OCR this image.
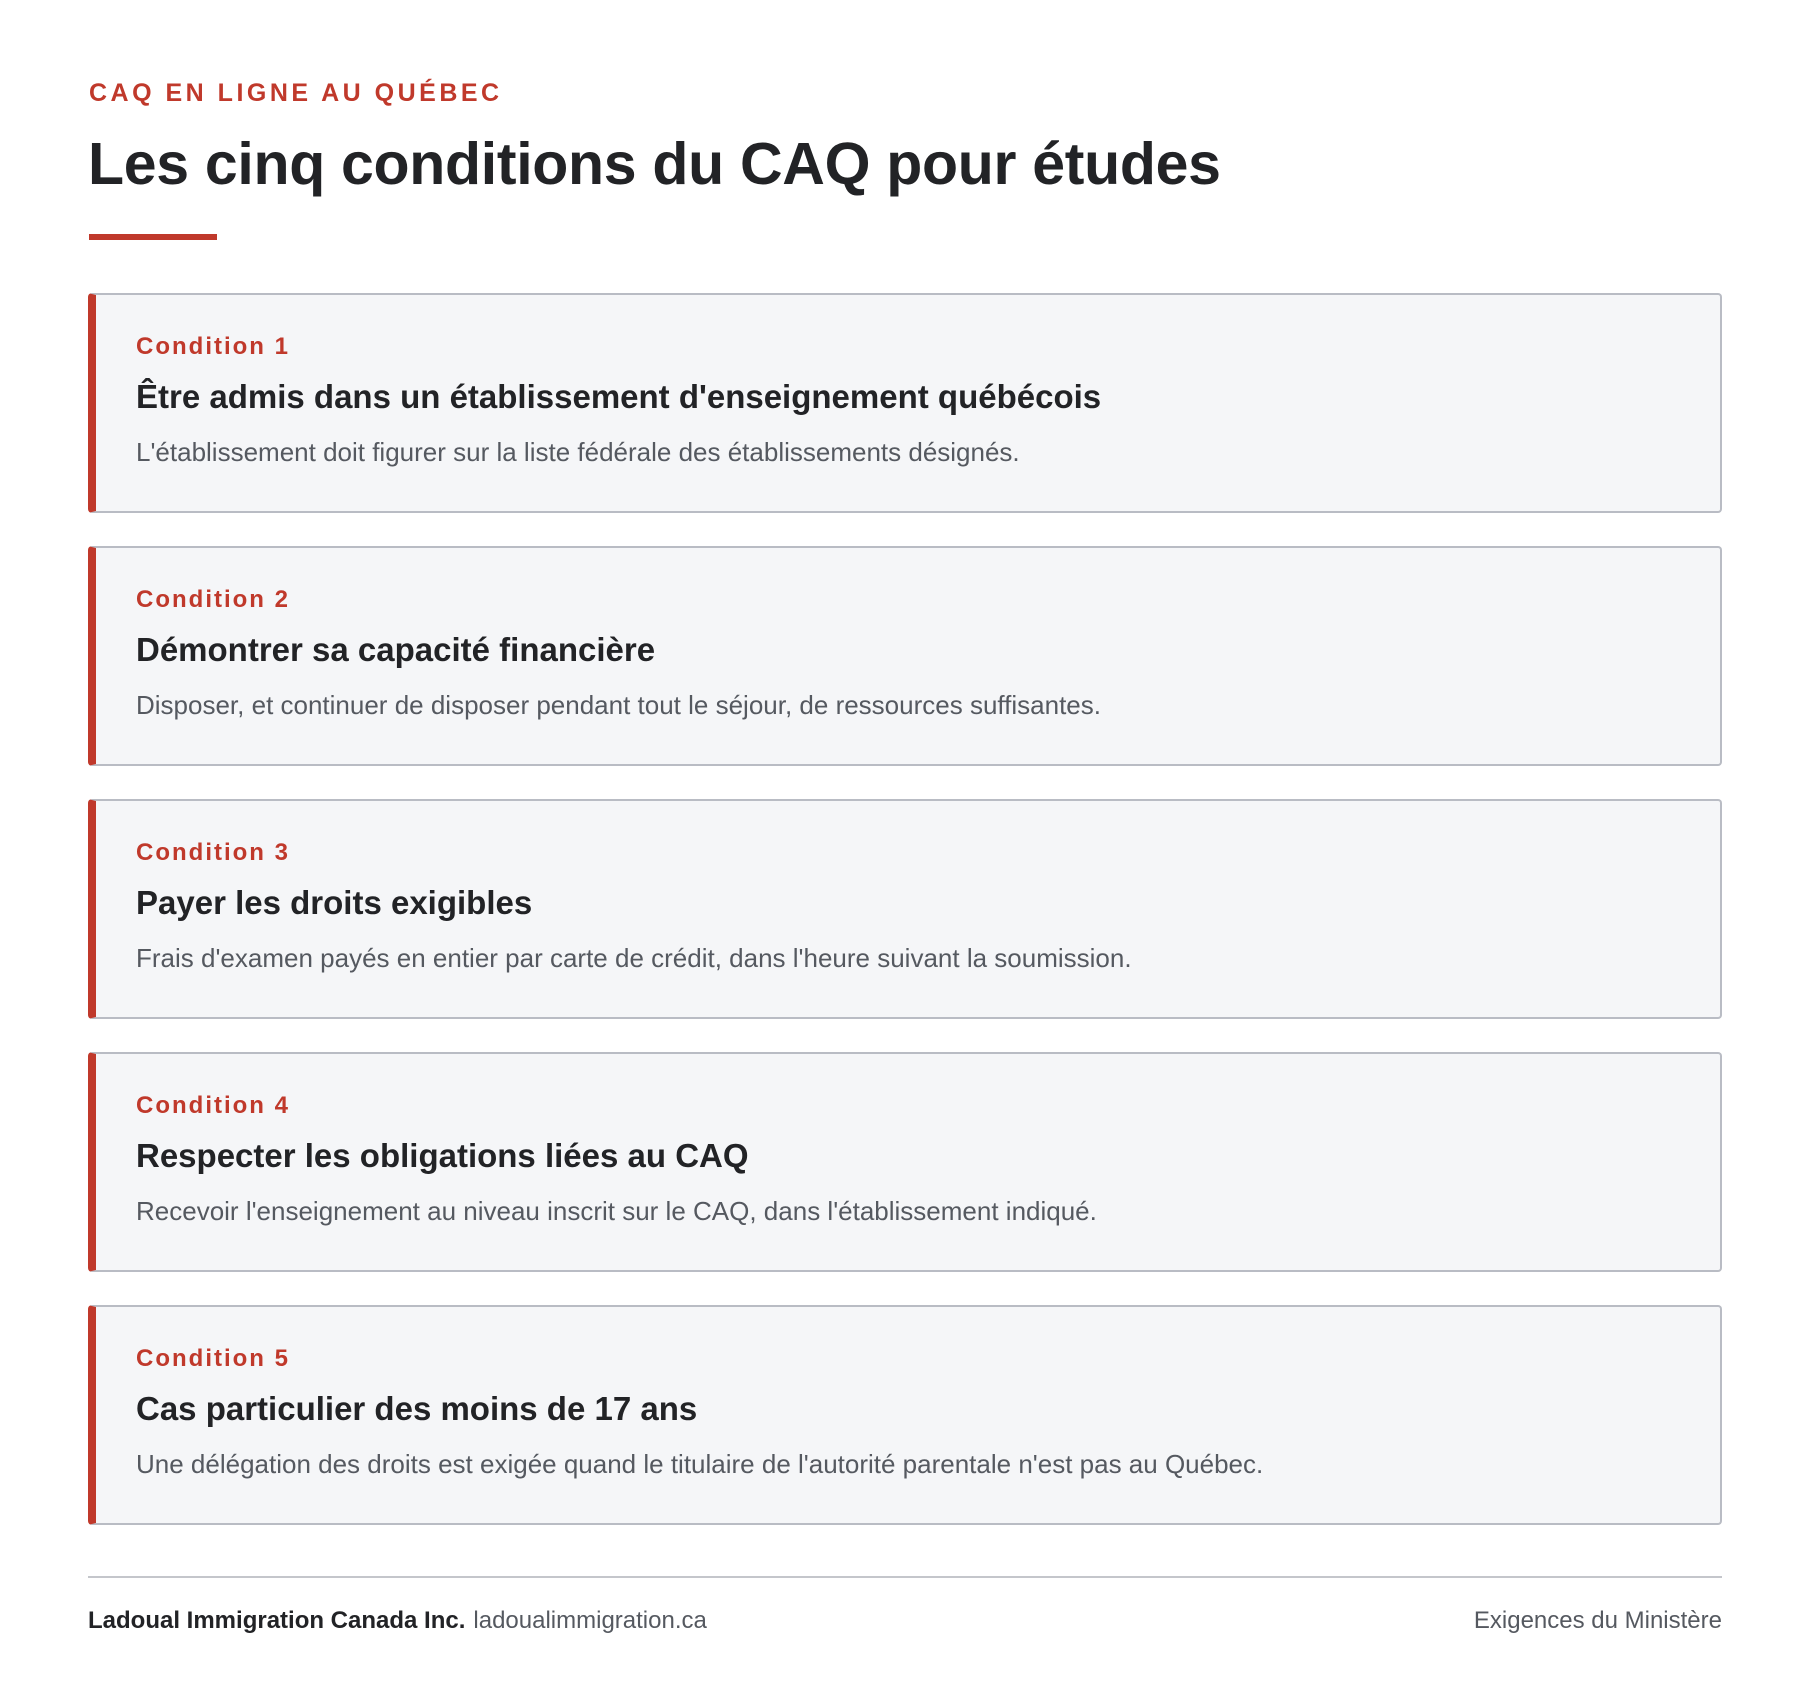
CAQ EN LIGNE AU QUÉBEC
Les cinq conditions du CAQ pour études
Condition 1
Être admis dans un établissement d'enseignement québécois

L'établissement doit figurer sur la liste fédérale des établissements désignés.

Condition 2
Démontrer sa capacité financière

Disposer, et continuer de disposer pendant tout le séjour, de ressources suffisantes.

Condition 3
Payer les droits exigibles

Frais d'examen payés en entier par carte de crédit, dans l'heure suivant la soumission.

Condition 4
Respecter les obligations liées au CAQ

Recevoir l'enseignement au niveau inscrit sur le CAQ, dans l'établissement indiqué.

Condition 5
Cas particulier des moins de 17 ans

Une délégation des droits est exigée quand le titulaire de l'autorité parentale n'est pas au Québec.

Ladoual Immigration Canada Inc. ladoualimmigration.ca	Exigences du Ministère
